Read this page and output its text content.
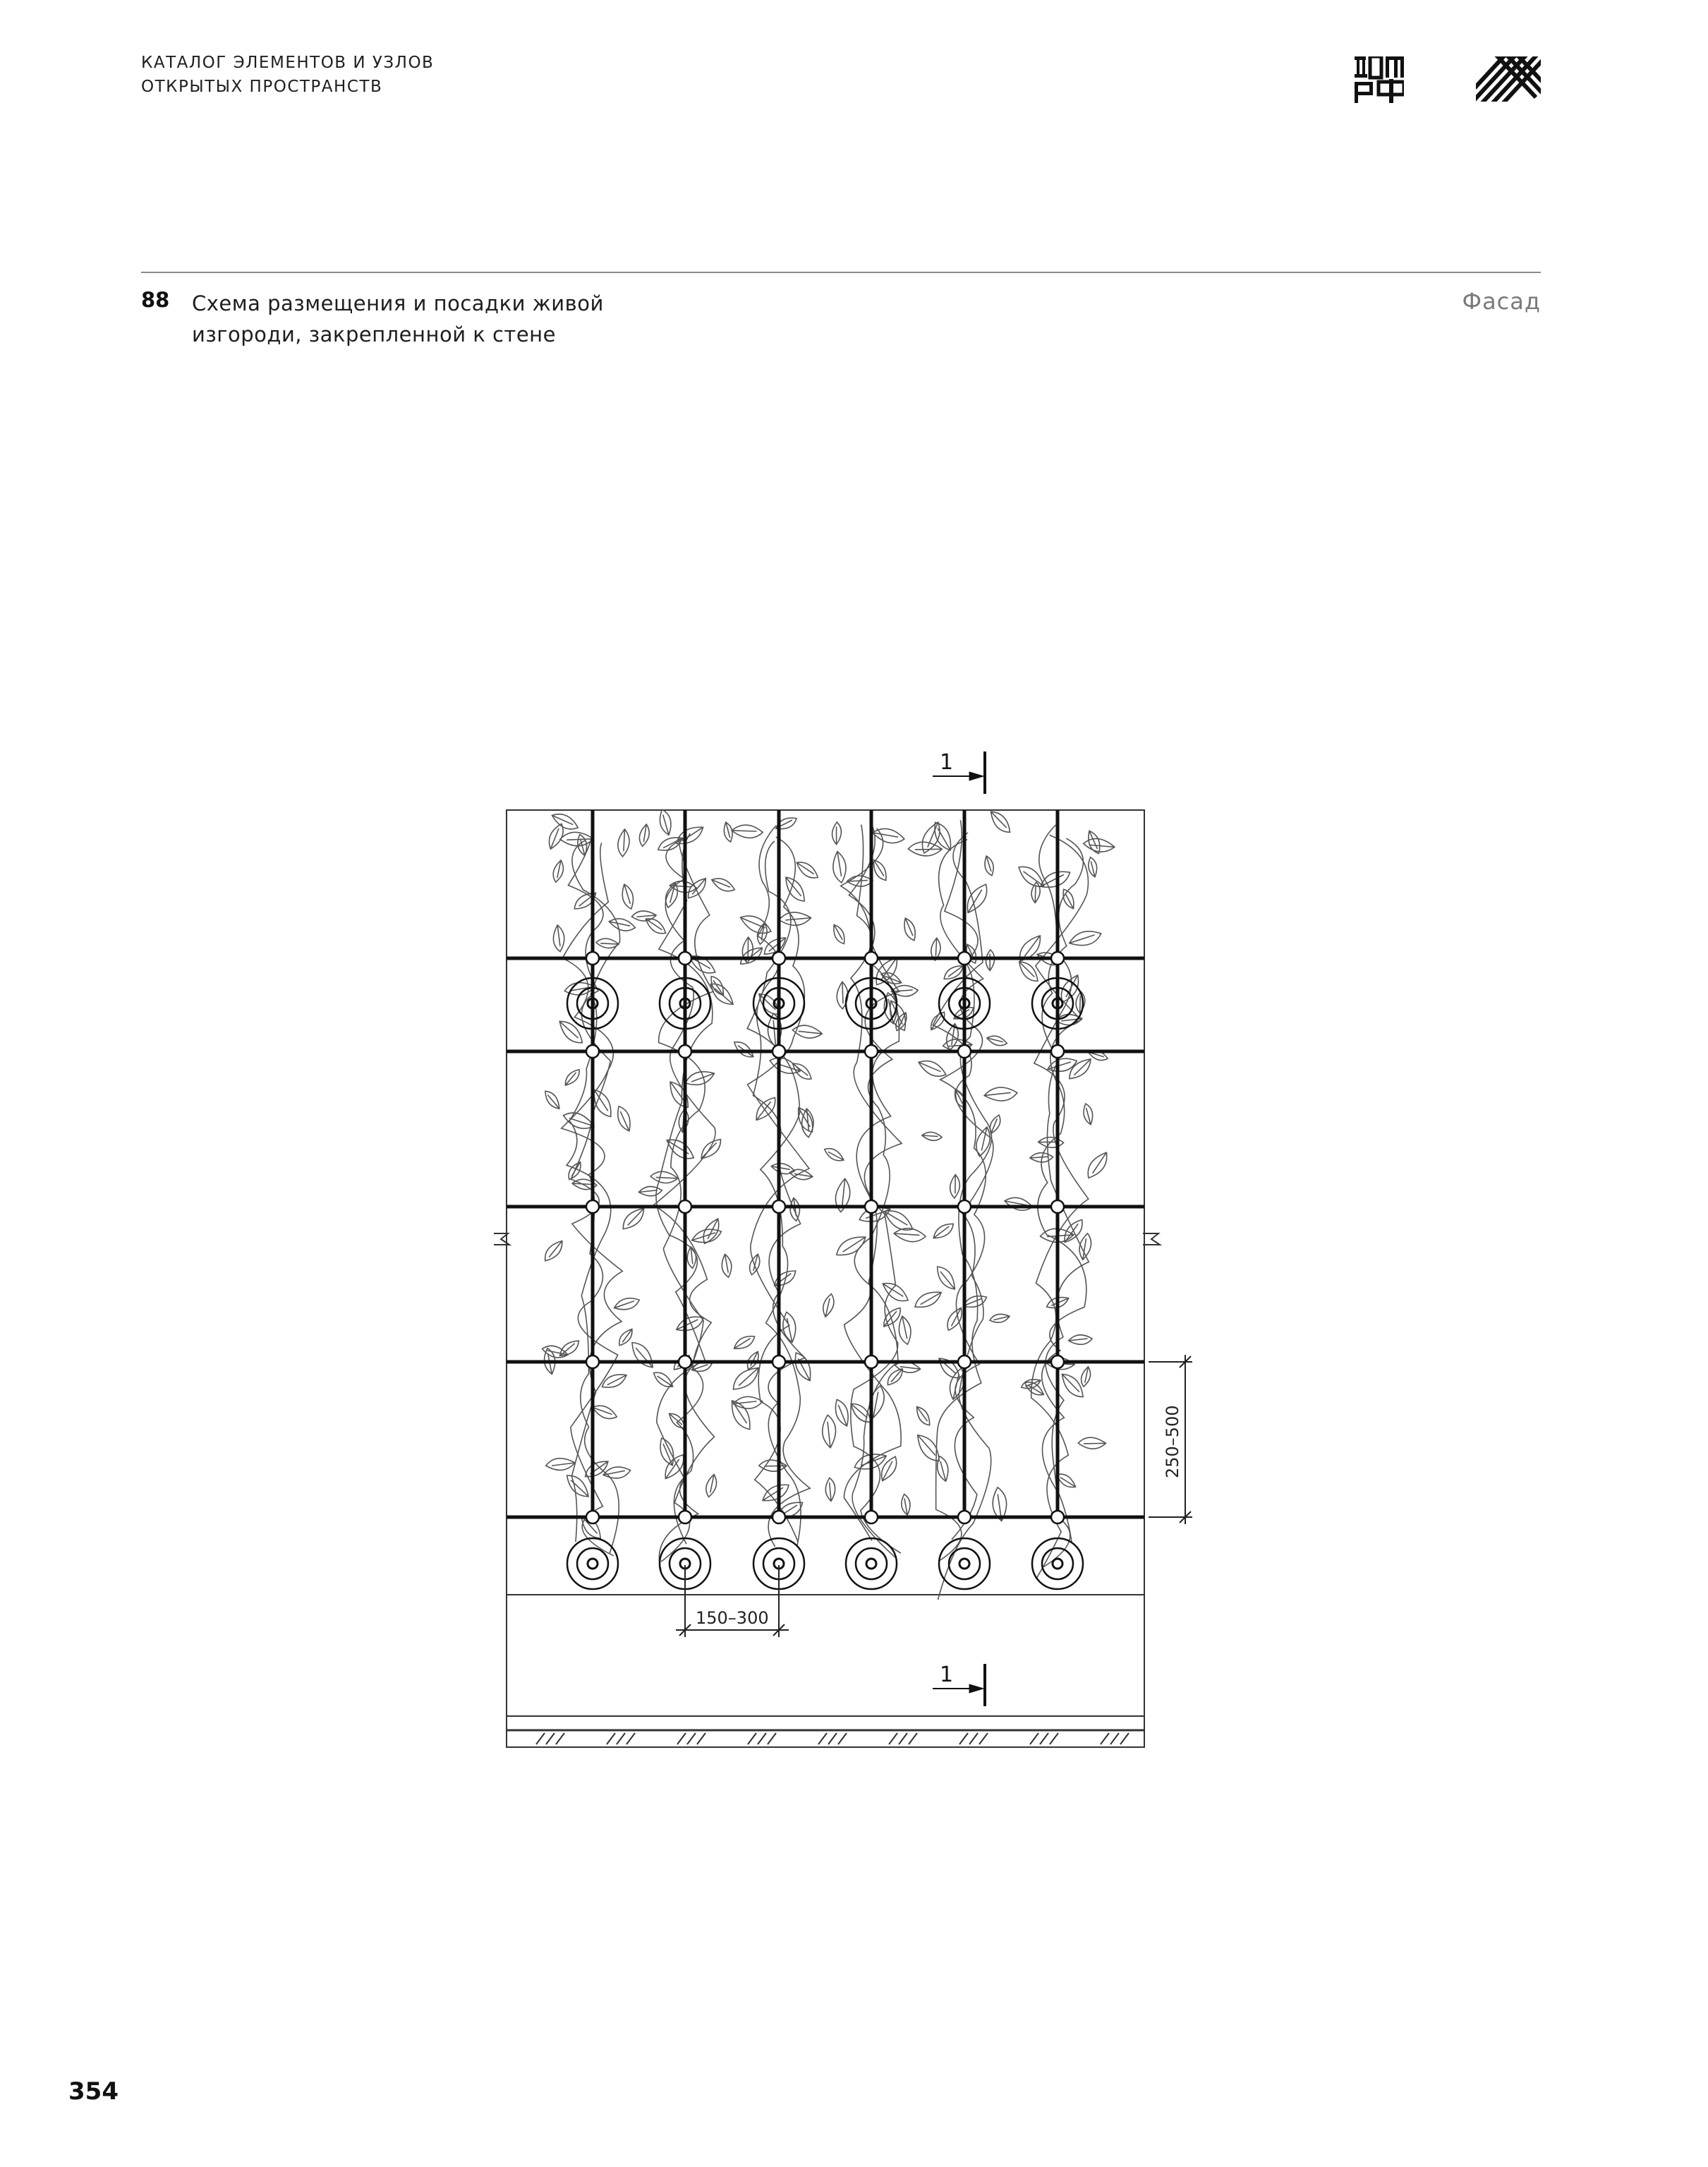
КАТАЛОГ ЭЛЕМЕНТОВ И УЗЛОВ
ОТКРЫТЫХ ПРОСТРАНСТВ
88 Схема размещения и посадки живой
изгороди, закрепленной к стене
Фасад
1
1
250–500
150–300
354
